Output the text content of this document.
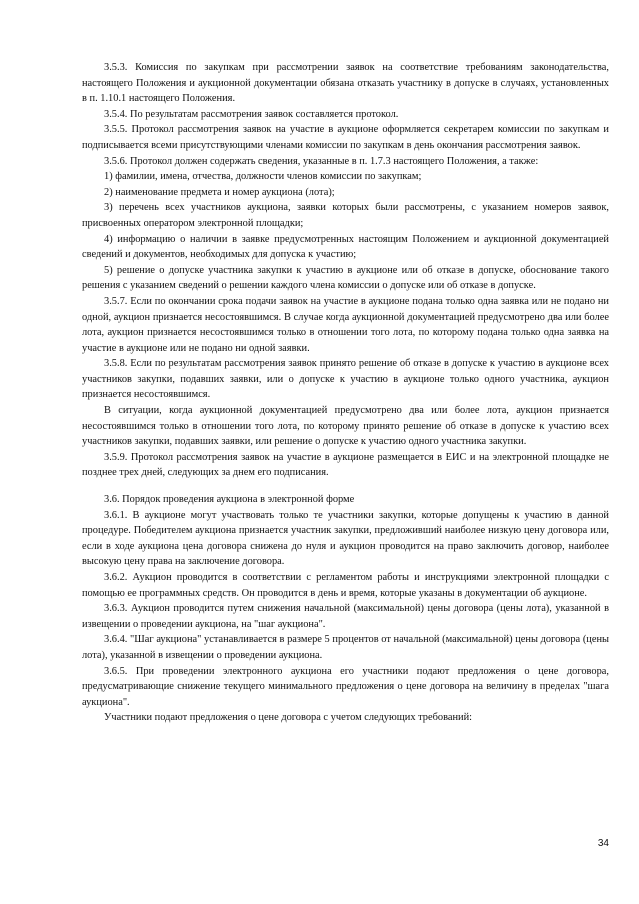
3.5.3. Комиссия по закупкам при рассмотрении заявок на соответствие требованиям законодательства, настоящего Положения и аукционной документации обязана отказать участнику в допуске в случаях, установленных в п. 1.10.1 настоящего Положения.

3.5.4. По результатам рассмотрения заявок составляется протокол.

3.5.5. Протокол рассмотрения заявок на участие в аукционе оформляется секретарем комиссии по закупкам и подписывается всеми присутствующими членами комиссии по закупкам в день окончания рассмотрения заявок.

3.5.6. Протокол должен содержать сведения, указанные в п. 1.7.3 настоящего Положения, а также:

1) фамилии, имена, отчества, должности членов комиссии по закупкам;

2) наименование предмета и номер аукциона (лота);

3) перечень всех участников аукциона, заявки которых были рассмотрены, с указанием номеров заявок, присвоенных оператором электронной площадки;

4) информацию о наличии в заявке предусмотренных настоящим Положением и аукционной документацией сведений и документов, необходимых для допуска к участию;

5) решение о допуске участника закупки к участию в аукционе или об отказе в допуске, обоснование такого решения с указанием сведений о решении каждого члена комиссии о допуске или об отказе в допуске.

3.5.7. Если по окончании срока подачи заявок на участие в аукционе подана только одна заявка или не подано ни одной, аукцион признается несостоявшимся. В случае когда аукционной документацией предусмотрено два или более лота, аукцион признается несостоявшимся только в отношении того лота, по которому подана только одна заявка на участие в аукционе или не подано ни одной заявки.

3.5.8. Если по результатам рассмотрения заявок принято решение об отказе в допуске к участию в аукционе всех участников закупки, подавших заявки, или о допуске к участию в аукционе только одного участника, аукцион признается несостоявшимся.

В ситуации, когда аукционной документацией предусмотрено два или более лота, аукцион признается несостоявшимся только в отношении того лота, по которому принято решение об отказе в допуске к участию всех участников закупки, подавших заявки, или решение о допуске к участию одного участника закупки.

3.5.9. Протокол рассмотрения заявок на участие в аукционе размещается в ЕИС и на электронной площадке не позднее трех дней, следующих за днем его подписания.

3.6. Порядок проведения аукциона в электронной форме

3.6.1. В аукционе могут участвовать только те участники закупки, которые допущены к участию в данной процедуре. Победителем аукциона признается участник закупки, предложивший наиболее низкую цену договора или, если в ходе аукциона цена договора снижена до нуля и аукцион проводится на право заключить договор, наиболее высокую цену права на заключение договора.

3.6.2. Аукцион проводится в соответствии с регламентом работы и инструкциями электронной площадки с помощью ее программных средств. Он проводится в день и время, которые указаны в документации об аукционе.

3.6.3. Аукцион проводится путем снижения начальной (максимальной) цены договора (цены лота), указанной в извещении о проведении аукциона, на "шаг аукциона".

3.6.4. "Шаг аукциона" устанавливается в размере 5 процентов от начальной (максимальной) цены договора (цены лота), указанной в извещении о проведении аукциона.

3.6.5. При проведении электронного аукциона его участники подают предложения о цене договора, предусматривающие снижение текущего минимального предложения о цене договора на величину в пределах "шага аукциона".

Участники подают предложения о цене договора с учетом следующих требований:

34
